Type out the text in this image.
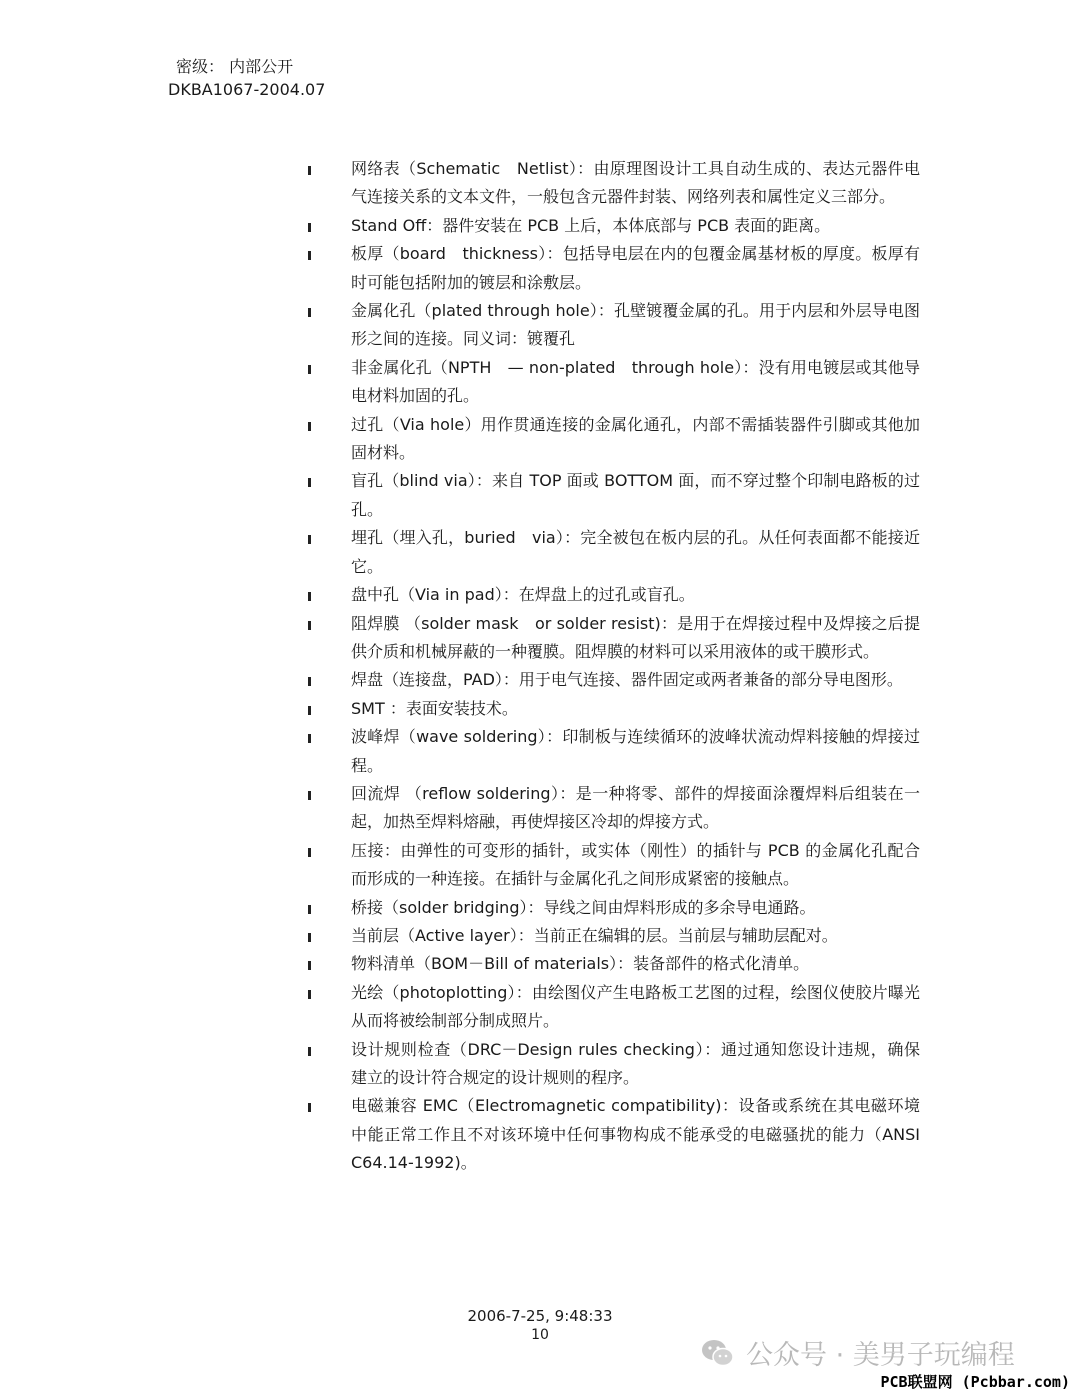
密级： 内部公开
DKBA1067-2004.07
网络表（Schematic　Netlist）：由原理图设计工具自动生成的、表达元器件电气连接关系的文本文件，一般包含元器件封装、网络列表和属性定义三部分。
Stand Off：器件安装在 PCB 上后，本体底部与 PCB 表面的距离。
板厚（board　thickness）：包括导电层在内的包覆金属基材板的厚度。板厚有时可能包括附加的镀层和涂敷层。
金属化孔（plated through hole）：孔壁镀覆金属的孔。用于内层和外层导电图形之间的连接。同义词：镀覆孔
非金属化孔（NPTH　— non-plated　through hole）：没有用电镀层或其他导电材料加固的孔。
过孔（Via hole）用作贯通连接的金属化通孔，内部不需插装器件引脚或其他加固材料。
盲孔（blind via）：来自 TOP 面或 BOTTOM 面，而不穿过整个印制电路板的过孔。
埋孔（埋入孔，buried　via）：完全被包在板内层的孔。从任何表面都不能接近它。
盘中孔（Via in pad）：在焊盘上的过孔或盲孔。
阻焊膜 （solder mask　or solder resist)：是用于在焊接过程中及焊接之后提供介质和机械屏蔽的一种覆膜。阻焊膜的材料可以采用液体的或干膜形式。
焊盘（连接盘，PAD）：用于电气连接、器件固定或两者兼备的部分导电图形。
SMT ：表面安装技术。
波峰焊（wave soldering）：印制板与连续循环的波峰状流动焊料接触的焊接过程。
回流焊 （reflow soldering）：是一种将零、部件的焊接面涂覆焊料后组装在一起，加热至焊料熔融，再使焊接区冷却的焊接方式。
压接：由弹性的可变形的插针，或实体（刚性）的插针与 PCB 的金属化孔配合而形成的一种连接。在插针与金属化孔之间形成紧密的接触点。
桥接（solder bridging）：导线之间由焊料形成的多余导电通路。
当前层（Active layer）：当前正在编辑的层。当前层与辅助层配对。
物料清单（BOM－Bill of materials）：装备部件的格式化清单。
光绘（photoplotting）：由绘图仪产生电路板工艺图的过程，绘图仪使胶片曝光从而将被绘制部分制成照片。
设计规则检查（DRC－Design rules checking）：通过通知您设计违规，确保建立的设计符合规定的设计规则的程序。
电磁兼容 EMC（Electromagnetic compatibility)：设备或系统在其电磁环境中能正常工作且不对该环境中任何事物构成不能承受的电磁骚扰的能力（ANSI C64.14-1992)。
2006-7-25, 9:48:33
10
公众号 · 美男子玩编程
PCB联盟网 (Pcbbar.com)
